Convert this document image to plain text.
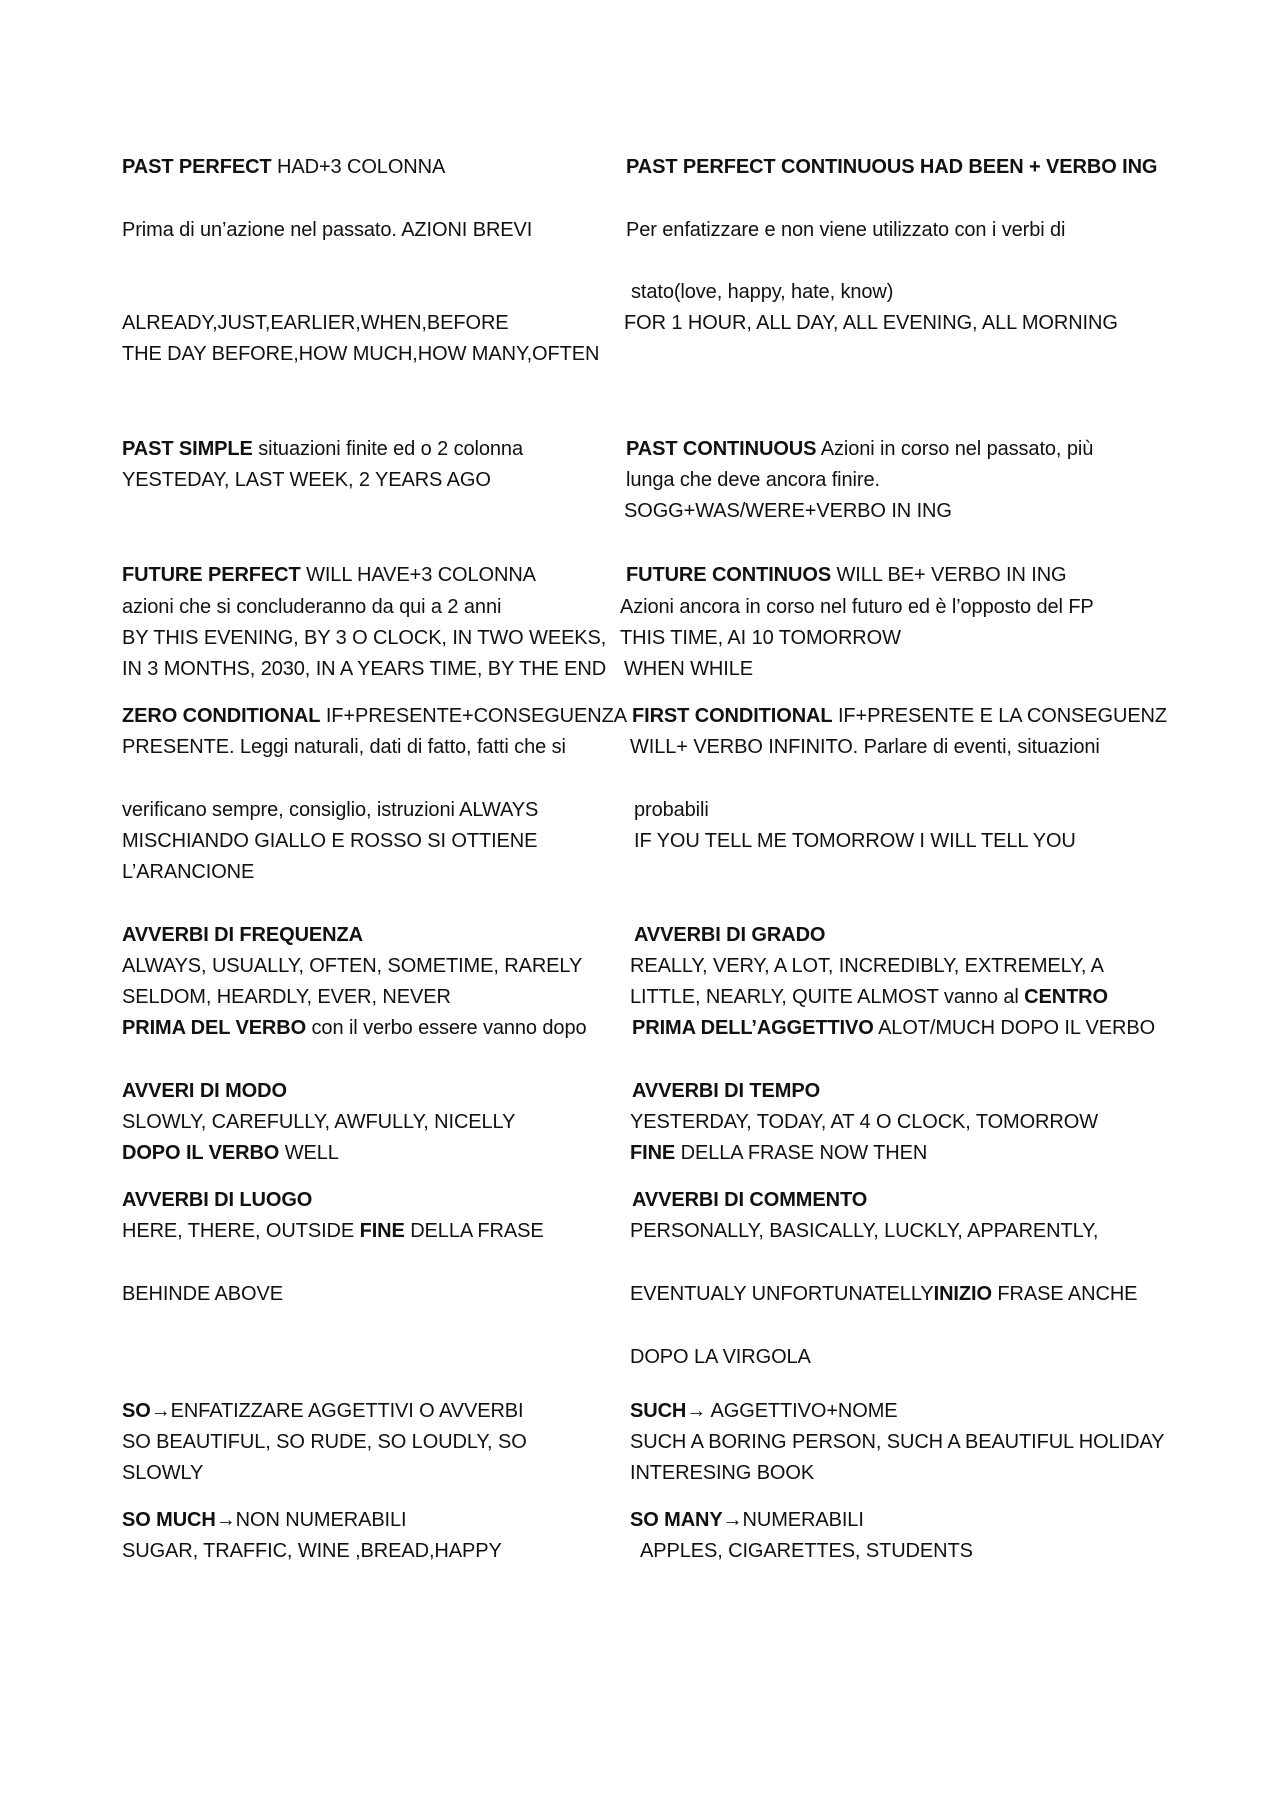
PAST PERFECT HAD+3 COLONNA
Prima di un’azione nel passato. AZIONI BREVI
ALREADY,JUST,EARLIER,WHEN,BEFORE
THE DAY BEFORE,HOW MUCH,HOW MANY,OFTEN
PAST SIMPLE situazioni finite ed o 2 colonna
YESTEDAY, LAST WEEK, 2 YEARS AGO
FUTURE PERFECT WILL HAVE+3 COLONNA
azioni che si concluderanno da qui a 2 anni
BY THIS EVENING, BY 3 O CLOCK, IN TWO WEEKS,
IN 3 MONTHS, 2030, IN A YEARS TIME, BY THE END
ZERO CONDITIONAL IF+PRESENTE+CONSEGUENZA
PRESENTE. Leggi naturali, dati di fatto, fatti che si
verificano sempre, consiglio, istruzioni ALWAYS
MISCHIANDO GIALLO E ROSSO SI OTTIENE
L’ARANCIONE
AVVERBI DI FREQUENZA
ALWAYS, USUALLY, OFTEN, SOMETIME, RARELY
SELDOM, HEARDLY, EVER, NEVER
PRIMA DEL VERBO con il verbo essere vanno dopo
AVVERI DI MODO
SLOWLY, CAREFULLY, AWFULLY, NICELLY
DOPO IL VERBO WELL
AVVERBI DI LUOGO
HERE, THERE, OUTSIDE FINE DELLA FRASE
BEHINDE ABOVE
SO→ENFATIZZARE AGGETTIVI O AVVERBI
SO BEAUTIFUL, SO RUDE, SO LOUDLY, SO
SLOWLY
SO MUCH→NON NUMERABILI
SUGAR, TRAFFIC, WINE ,BREAD,HAPPY
PAST PERFECT CONTINUOUS HAD BEEN + VERBO ING
Per enfatizzare e non viene utilizzato con i verbi di
stato(love, happy, hate, know)
FOR 1 HOUR, ALL DAY, ALL EVENING, ALL MORNING
PAST CONTINUOUS Azioni in corso nel passato, più
lunga che deve ancora finire.
SOGG+WAS/WERE+VERBO IN ING
FUTURE CONTINUOS WILL BE+ VERBO IN ING
Azioni ancora in corso nel futuro ed è l’opposto del FP
THIS TIME, AI 10 TOMORROW
WHEN WHILE
FIRST CONDITIONAL IF+PRESENTE E LA CONSEGUENZ
WILL+ VERBO INFINITO. Parlare di eventi, situazioni
probabili
IF YOU TELL ME TOMORROW I WILL TELL YOU
AVVERBI DI GRADO
REALLY, VERY, A LOT, INCREDIBLY, EXTREMELY, A
LITTLE, NEARLY, QUITE ALMOST vanno al CENTRO
PRIMA DELL’AGGETTIVO ALOT/MUCH DOPO IL VERBO
AVVERBI DI TEMPO
YESTERDAY, TODAY, AT 4 O CLOCK, TOMORROW
FINE DELLA FRASE NOW THEN
AVVERBI DI COMMENTO
PERSONALLY, BASICALLY, LUCKLY, APPARENTLY,
EVENTUALY UNFORTUNATELLYINIZIO FRASE ANCHE
DOPO LA VIRGOLA
SUCH→ AGGETTIVO+NOME
SUCH A BORING PERSON, SUCH A BEAUTIFUL HOLIDAY
INTERESING BOOK
SO MANY→NUMERABILI
APPLES, CIGARETTES, STUDENTS
